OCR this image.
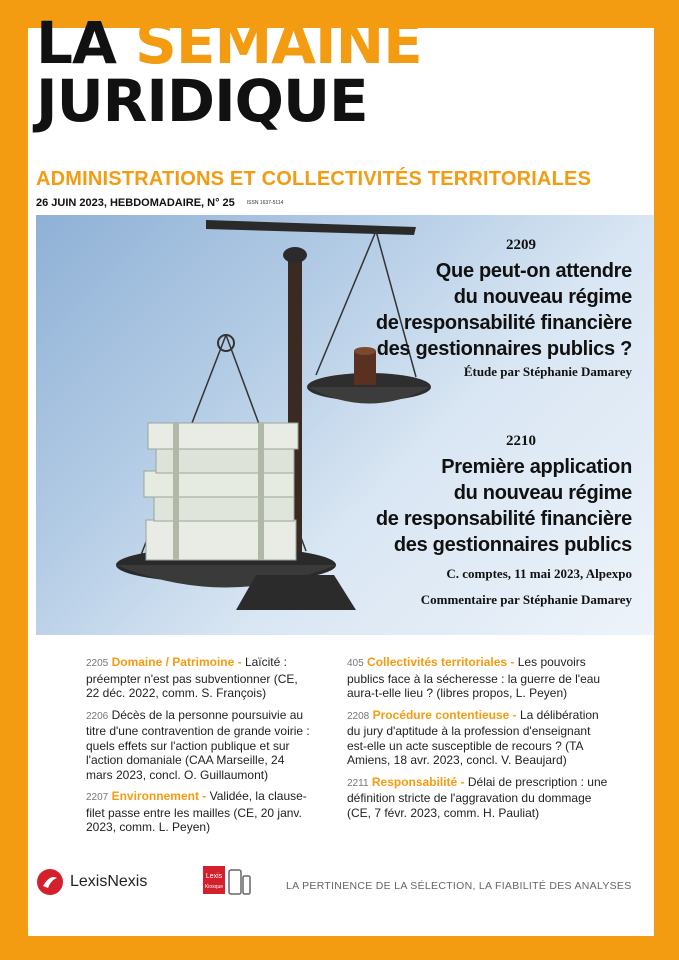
LA SEMAINE
JURIDIQUE
ADMINISTRATIONS ET COLLECTIVITÉS TERRITORIALES
26 JUIN 2023, HEBDOMADAIRE, N° 25 ISSN 1637-5114
2209
Que peut-on attendre
du nouveau régime
de responsabilité financière
des gestionnaires publics ?
Étude par Stéphanie Damarey
2210
Première application
du nouveau régime
de responsabilité financière
des gestionnaires publics
C. comptes, 11 mai 2023, Alpexpo
Commentaire par Stéphanie Damarey
2205 Domaine / Patrimoine - Laïcité : préempter n'est pas subventionner (CE, 22 déc. 2022, comm. S. François)
2206 Décès de la personne poursuivie au titre d'une contravention de grande voirie : quels effets sur l'action publique et sur l'action domaniale (CAA Marseille, 24 mars 2023, concl. O. Guillaumont)
2207 Environnement - Validée, la clause-filet passe entre les mailles (CE, 20 janv. 2023, comm. L. Peyen)
405 Collectivités territoriales - Les pouvoirs publics face à la sécheresse : la guerre de l'eau aura-t-elle lieu ? (libres propos, L. Peyen)
2208 Procédure contentieuse - La délibération du jury d'aptitude à la profession d'enseignant est-elle un acte susceptible de recours ? (TA Amiens, 18 avr. 2023, concl. V. Beaujard)
2211 Responsabilité - Délai de prescription : une définition stricte de l'aggravation du dommage (CE, 7 févr. 2023, comm. H. Pauliat)
LexisNexis	Lexis
Kiosque	LA PERTINENCE DE LA SÉLECTION, LA FIABILITÉ DES ANALYSES
